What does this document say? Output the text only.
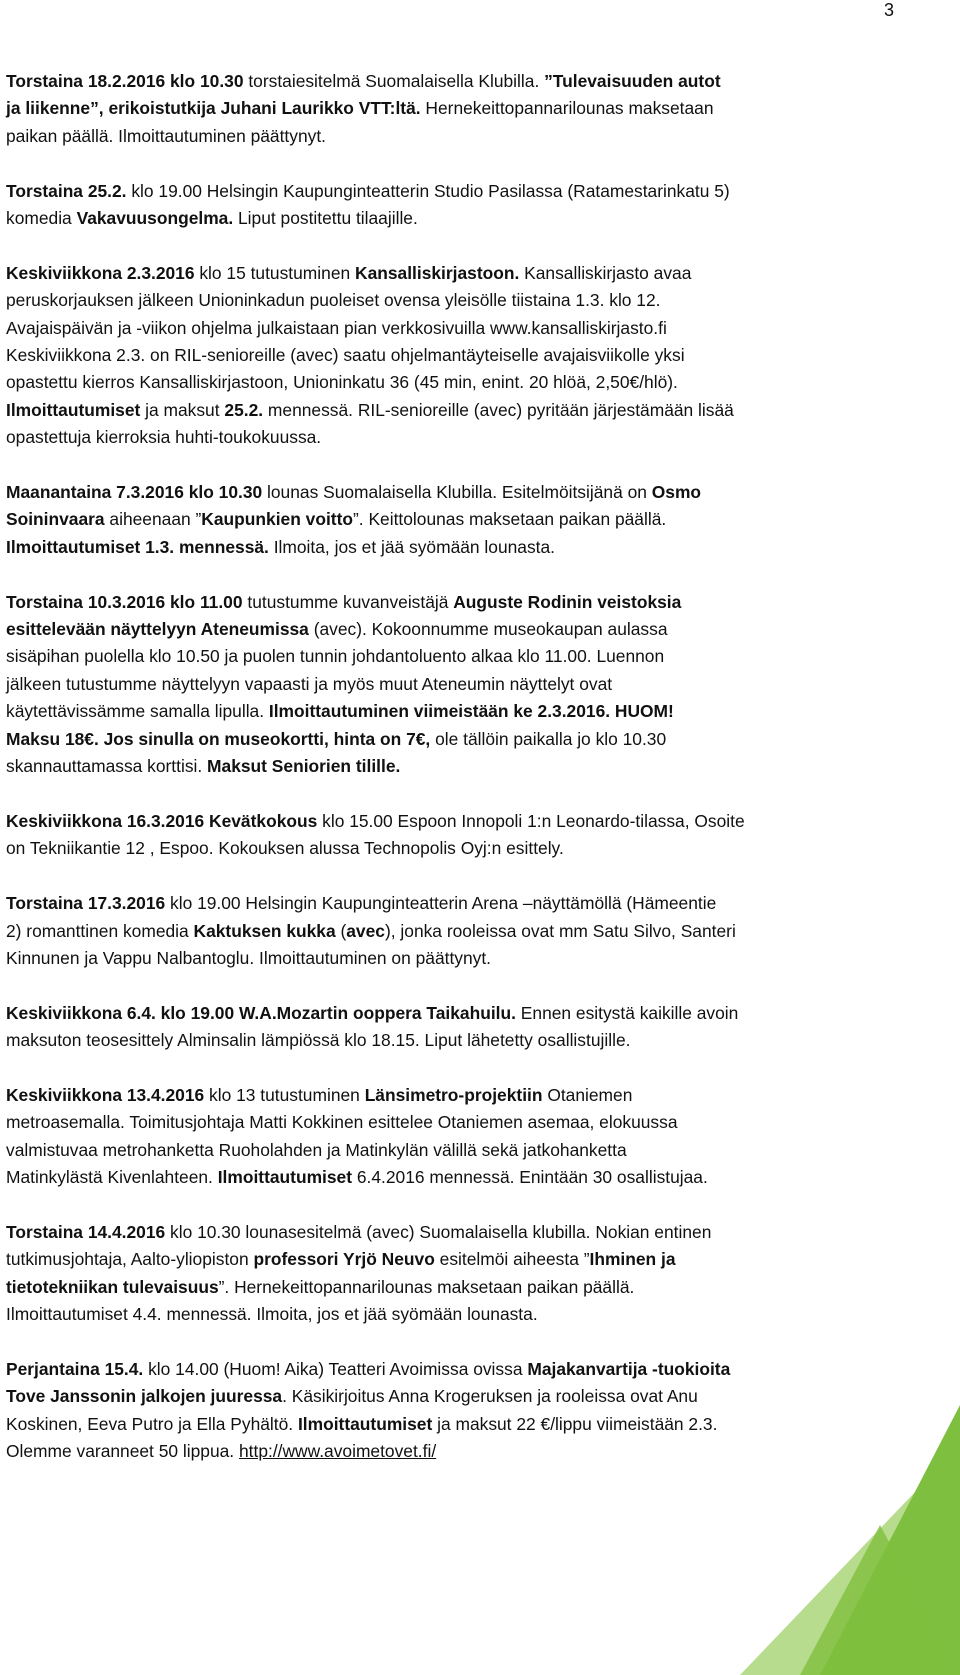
3
Torstaina 18.2.2016 klo 10.30 torstaiesitelmä Suomalaisella Klubilla. ”Tulevaisuuden autot
ja liikenne”, erikoistutkija Juhani Laurikko VTT:ltä. Hernekeittopannarilounas maksetaan
paikan päällä. Ilmoittautuminen päättynyt.
Torstaina 25.2. klo 19.00 Helsingin Kaupunginteatterin Studio Pasilassa (Ratamestarinkatu 5)
komedia Vakavuusongelma. Liput postitettu tilaajille.
Keskiviikkona 2.3.2016 klo 15 tutustuminen Kansalliskirjastoon. Kansalliskirjasto avaa
peruskorjauksen jälkeen Unioninkadun puoleiset ovensa yleisölle tiistaina 1.3. klo 12.
Avajaispäivän ja -viikon ohjelma julkaistaan pian verkkosivuilla www.kansalliskirjasto.fi
Keskiviikkona 2.3. on RIL-senioreille (avec) saatu ohjelmantäyteiselle avajaisviikolle yksi
opastettu kierros Kansalliskirjastoon, Unioninkatu 36 (45 min, enint. 20 hlöä, 2,50€/hlö).
Ilmoittautumiset ja maksut 25.2. mennessä. RIL-senioreille (avec) pyritään järjestämään lisää
opastettuja kierroksia huhti-toukokuussa.
Maanantaina 7.3.2016 klo 10.30 lounas Suomalaisella Klubilla. Esitelmöitsijänä on Osmo
Soininvaara aiheenaan ”Kaupunkien voitto”. Keittolounas maksetaan paikan päällä.
Ilmoittautumiset 1.3. mennessä. Ilmoita, jos et jää syömään lounasta.
Torstaina 10.3.2016 klo 11.00 tutustumme kuvanveistäjä Auguste Rodinin veistoksia
esittelevään näyttelyyn Ateneumissa (avec). Kokoonnumme museokaupan aulassa
sisäpihan puolella klo 10.50 ja puolen tunnin johdantoluento alkaa klo 11.00. Luennon
jälkeen tutustumme näyttelyyn vapaasti ja myös muut Ateneumin näyttelyt ovat
käytettävissämme samalla lipulla. Ilmoittautuminen viimeistään ke 2.3.2016. HUOM!
Maksu 18€. Jos sinulla on museokortti, hinta on 7€, ole tällöin paikalla jo klo 10.30
skannauttamassa korttisi. Maksut Seniorien tilille.
Keskiviikkona 16.3.2016 Kevätkokous klo 15.00 Espoon Innopoli 1:n Leonardo-tilassa, Osoite
on Tekniikantie 12 , Espoo. Kokouksen alussa Technopolis Oyj:n esittely.
Torstaina 17.3.2016 klo 19.00 Helsingin Kaupunginteatterin Arena –näyttämöllä (Hämeentie
2) romanttinen komedia Kaktuksen kukka (avec), jonka rooleissa ovat mm Satu Silvo, Santeri
Kinnunen ja Vappu Nalbantoglu. Ilmoittautuminen on päättynyt.
Keskiviikkona 6.4. klo 19.00 W.A.Mozartin ooppera Taikahuilu. Ennen esitystä kaikille avoin
maksuton teosesittely Alminsalin lämpiössä klo 18.15. Liput lähetetty osallistujille.
Keskiviikkona 13.4.2016 klo 13 tutustuminen Länsimetro-projektiin Otaniemen
metroasemalla. Toimitusjohtaja Matti Kokkinen esittelee Otaniemen asemaa, elokuussa
valmistuvaa metrohanketta Ruoholahden ja Matinkylän välillä sekä jatkohanketta
Matinkylästä Kivenlahteen. Ilmoittautumiset 6.4.2016 mennessä. Enintään 30 osallistujaa.
Torstaina 14.4.2016 klo 10.30 lounasesitelmä (avec) Suomalaisella klubilla. Nokian entinen
tutkimusjohtaja, Aalto-yliopiston professori Yrjö Neuvo esitelmöi aiheesta ”Ihminen ja
tietotekniikan tulevaisuus”. Hernekeittopannarilounas maksetaan paikan päällä.
Ilmoittautumiset 4.4. mennessä. Ilmoita, jos et jää syömään lounasta.
Perjantaina 15.4. klo 14.00 (Huom! Aika) Teatteri Avoimissa ovissa Majakanvartija -tuokioita
Tove Janssonin jalkojen juuressa. Käsikirjoitus Anna Krogeruksen ja rooleissa ovat Anu
Koskinen, Eeva Putro ja Ella Pyhältö. Ilmoittautumiset ja maksut 22 €/lippu viimeistään 2.3.
Olemme varanneet 50 lippua. http://www.avoimetovet.fi/
